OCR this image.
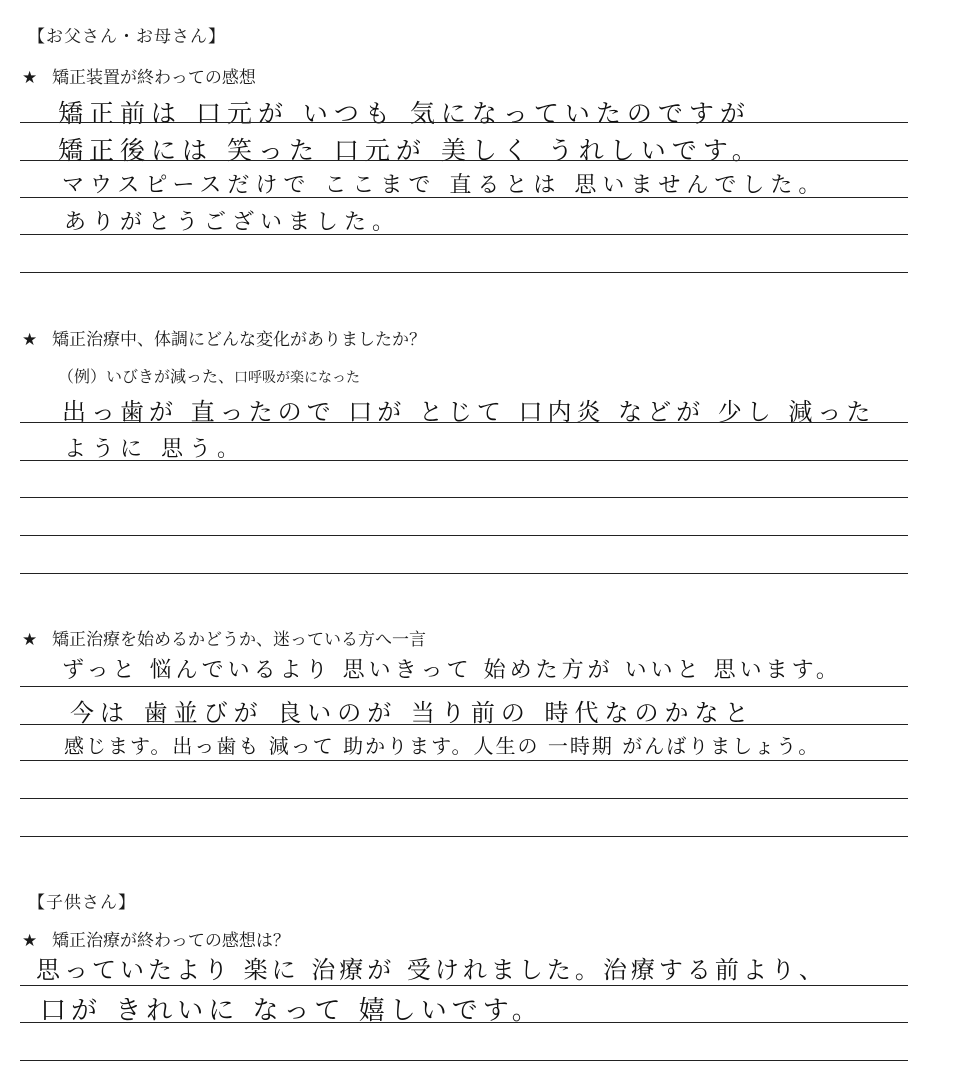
【お父さん・お母さん】
★ 矯正装置が終わっての感想
矯正前は 口元が いつも 気になっていたのですが
矯正後には 笑った 口元が 美しく うれしいです。
マウスピースだけで ここまで 直るとは 思いませんでした。
ありがとうございました。
★ 矯正治療中、体調にどんな変化がありましたか？
（例）いびきが減った、口呼吸が楽になった
出っ歯が 直ったので 口が とじて 口内炎 などが 少し 減った
ように 思う。
★ 矯正治療を始めるかどうか、迷っている方へ一言
ずっと 悩んでいるより 思いきって 始めた方が いいと 思います。
今は 歯並びが 良いのが 当り前の 時代なのかなと
感じます。出っ歯も 減って 助かります。人生の 一時期 がんばりましょう。
【子供さん】
★ 矯正治療が終わっての感想は？
思っていたより 楽に 治療が 受けれました。治療する前より、
口が きれいに なって 嬉しいです。
